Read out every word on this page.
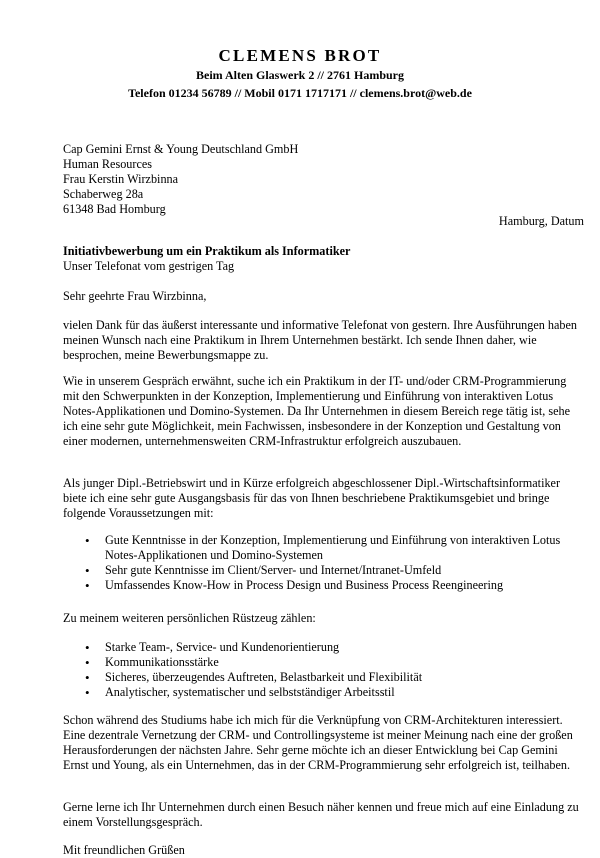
CLEMENS BROT
Beim Alten Glaswerk 2 // 2761 Hamburg
Telefon 01234 56789 // Mobil 0171 1717171 // clemens.brot@web.de
Cap Gemini Ernst & Young Deutschland GmbH
Human Resources
Frau Kerstin Wirzbinna
Schaberweg 28a
61348 Bad Homburg
Hamburg, Datum
Initiativbewerbung um ein Praktikum als Informatiker
Unser Telefonat vom gestrigen Tag
Sehr geehrte Frau Wirzbinna,
vielen Dank für das äußerst interessante und informative Telefonat von gestern. Ihre Ausführungen haben meinen Wunsch nach eine Praktikum in Ihrem Unternehmen bestärkt. Ich sende Ihnen daher, wie besprochen, meine Bewerbungsmappe zu.
Wie in unserem Gespräch erwähnt, suche ich ein Praktikum in der IT- und/oder CRM-Programmierung mit den Schwerpunkten in der Konzeption, Implementierung und Einführung von interaktiven Lotus Notes-Applikationen und Domino-Systemen. Da Ihr Unternehmen in diesem Bereich rege tätig ist, sehe ich eine sehr gute Möglichkeit, mein Fachwissen, insbesondere in der Konzeption und Gestaltung von einer modernen, unternehmensweiten CRM-Infrastruktur erfolgreich auszubauen.
Als junger Dipl.-Betriebswirt und in Kürze erfolgreich abgeschlossener Dipl.-Wirtschaftsinformatiker biete ich eine sehr gute Ausgangsbasis für das von Ihnen beschriebene Praktikumsgebiet und bringe folgende Voraussetzungen mit:
• Gute Kenntnisse in der Konzeption, Implementierung und Einführung von interaktiven Lotus Notes-Applikationen und Domino-Systemen
• Sehr gute Kenntnisse im Client/Server- und Internet/Intranet-Umfeld
• Umfassendes Know-How in Process Design und Business Process Reengineering
Zu meinem weiteren persönlichen Rüstzeug zählen:
• Starke Team-, Service- und Kundenorientierung
• Kommunikationsstärke
• Sicheres, überzeugendes Auftreten, Belastbarkeit und Flexibilität
• Analytischer, systematischer und selbstständiger Arbeitsstil
Schon während des Studiums habe ich mich für die Verknüpfung von CRM-Architekturen interessiert. Eine dezentrale Vernetzung der CRM- und Controllingsysteme ist meiner Meinung nach eine der großen Herausforderungen der nächsten Jahre. Sehr gerne möchte ich an dieser Entwicklung bei Cap Gemini Ernst und Young, als ein Unternehmen, das in der CRM-Programmierung sehr erfolgreich ist, teilhaben.
Gerne lerne ich Ihr Unternehmen durch einen Besuch näher kennen und freue mich auf eine Einladung zu einem Vorstellungsgespräch.
Mit freundlichen Grüßen
